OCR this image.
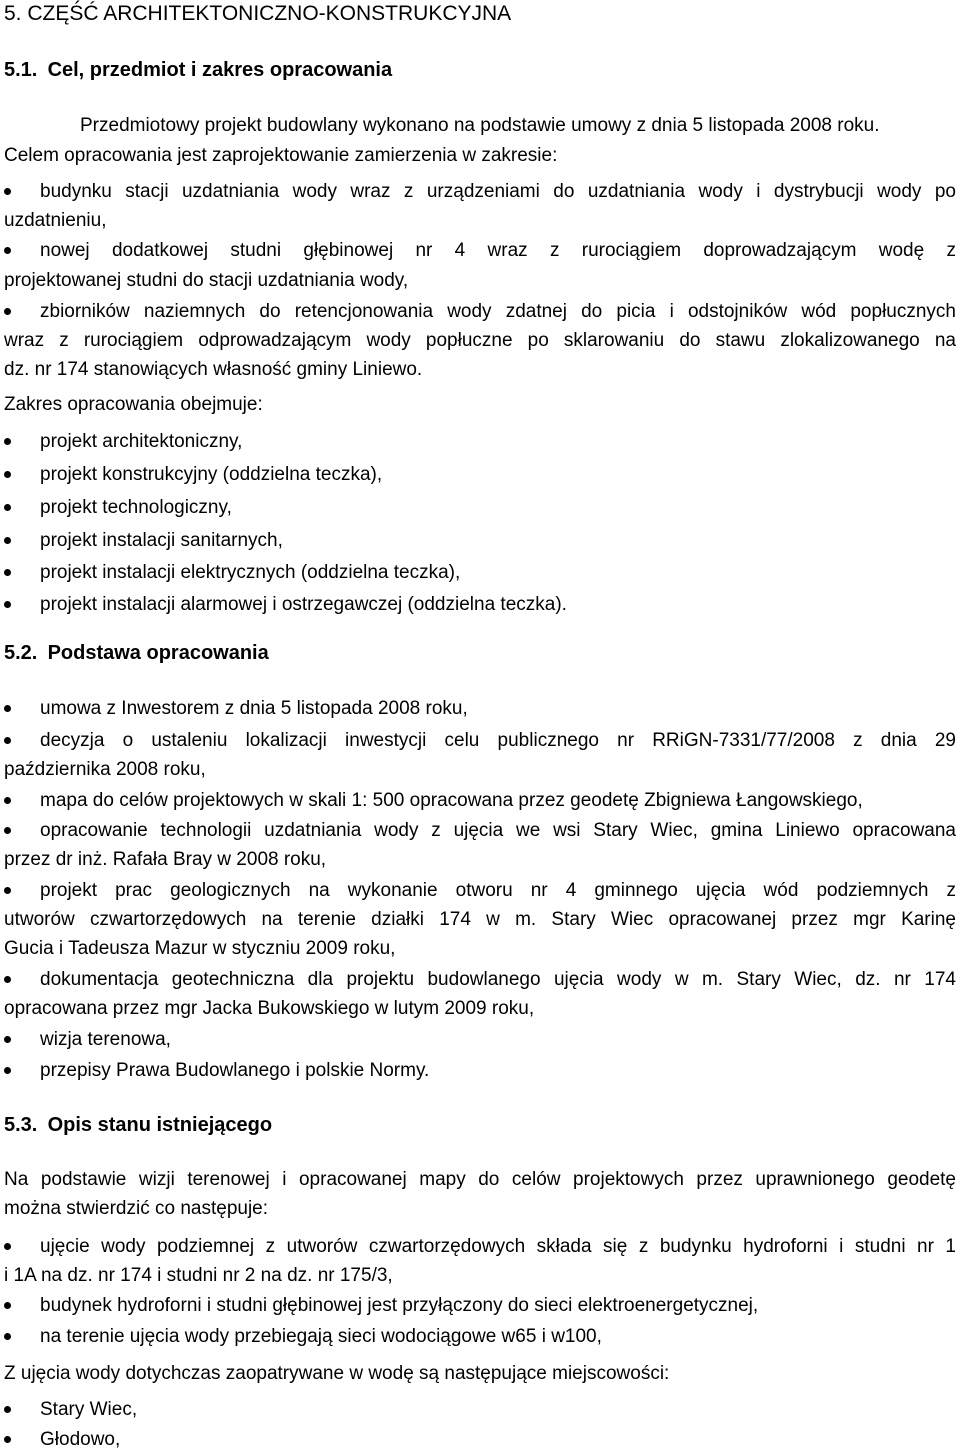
5. CZĘŚĆ ARCHITEKTONICZNO-KONSTRUKCYJNA
5.1. Cel, przedmiot i zakres opracowania
Przedmiotowy projekt budowlany wykonano na podstawie umowy z dnia 5 listopada 2008 roku.
Celem opracowania jest zaprojektowanie zamierzenia w zakresie:
budynku stacji uzdatniania wody wraz z urządzeniami do uzdatniania wody i dystrybucji wody po
uzdatnieniu,
nowej dodatkowej studni głębinowej nr 4 wraz z rurociągiem doprowadzającym wodę z
projektowanej studni do stacji uzdatniania wody,
zbiorników naziemnych do retencjonowania wody zdatnej do picia i odstojników wód popłucznych
wraz z rurociągiem odprowadzającym wody popłuczne po sklarowaniu do stawu zlokalizowanego na
dz. nr 174 stanowiących własność gminy Liniewo.
Zakres opracowania obejmuje:
projekt architektoniczny,
projekt konstrukcyjny (oddzielna teczka),
projekt technologiczny,
projekt instalacji sanitarnych,
projekt instalacji elektrycznych (oddzielna teczka),
projekt instalacji alarmowej i ostrzegawczej (oddzielna teczka).
5.2. Podstawa opracowania
umowa z Inwestorem z dnia 5 listopada 2008 roku,
decyzja o ustaleniu lokalizacji inwestycji celu publicznego nr RRiGN-7331/77/2008 z dnia 29
października 2008 roku,
mapa do celów projektowych w skali 1: 500 opracowana przez geodetę Zbigniewa Łangowskiego,
opracowanie technologii uzdatniania wody z ujęcia we wsi Stary Wiec, gmina Liniewo opracowana
przez dr inż. Rafała Bray w 2008 roku,
projekt prac geologicznych na wykonanie otworu nr 4 gminnego ujęcia wód podziemnych z
utworów czwartorzędowych na terenie działki 174 w m. Stary Wiec opracowanej przez mgr Karinę
Gucia i Tadeusza Mazur w styczniu 2009 roku,
dokumentacja geotechniczna dla projektu budowlanego ujęcia wody w m. Stary Wiec, dz. nr 174
opracowana przez mgr Jacka Bukowskiego w lutym 2009 roku,
wizja terenowa,
przepisy Prawa Budowlanego i polskie Normy.
5.3. Opis stanu istniejącego
Na podstawie wizji terenowej i opracowanej mapy do celów projektowych przez uprawnionego geodetę
można stwierdzić co następuje:
ujęcie wody podziemnej z utworów czwartorzędowych składa się z budynku hydroforni i studni nr 1
i 1A na dz. nr 174 i studni nr 2 na dz. nr 175/3,
budynek hydroforni i studni głębinowej jest przyłączony do sieci elektroenergetycznej,
na terenie ujęcia wody przebiegają sieci wodociągowe w65 i w100,
Z ujęcia wody dotychczas zaopatrywane w wodę są następujące miejscowości:
Stary Wiec,
Głodowo,
